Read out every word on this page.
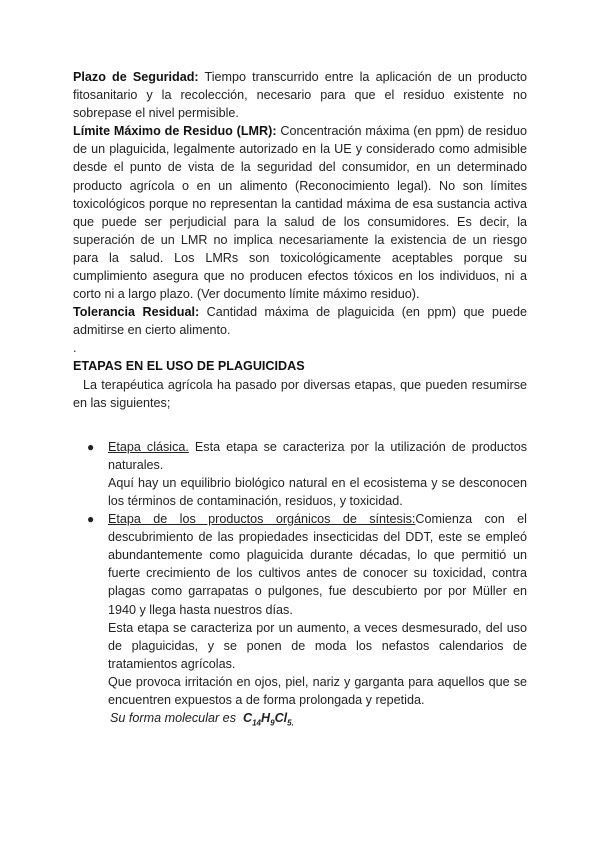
Plazo de Seguridad: Tiempo transcurrido entre la aplicación de un producto fitosanitario y la recolección, necesario para que el residuo existente no sobrepase el nivel permisible.

Límite Máximo de Residuo (LMR): Concentración máxima (en ppm) de residuo de un plaguicida, legalmente autorizado en la UE y considerado como admisible desde el punto de vista de la seguridad del consumidor, en un determinado producto agrícola o en un alimento (Reconocimiento legal). No son límites toxicológicos porque no representan la cantidad máxima de esa sustancia activa que puede ser perjudicial para la salud de los consumidores. Es decir, la superación de un LMR no implica necesariamente la existencia de un riesgo para la salud. Los LMRs son toxicológicamente aceptables porque su cumplimiento asegura que no producen efectos tóxicos en los individuos, ni a corto ni a largo plazo. (Ver documento límite máximo residuo).

Tolerancia Residual: Cantidad máxima de plaguicida (en ppm) que puede admitirse en cierto alimento.

.

ETAPAS EN EL USO DE PLAGUICIDAS

La terapéutica agrícola ha pasado por diversas etapas, que pueden resumirse en las siguientes;

● Etapa clásica. Esta etapa se caracteriza por la utilización de productos naturales.

Aquí hay un equilibrio biológico natural en el ecosistema y se desconocen los términos de contaminación, residuos, y toxicidad.

● Etapa de los productos orgánicos de síntesis:Comienza con el descubrimiento de las propiedades insecticidas del DDT, este se empleó abundantemente como plaguicida durante décadas, lo que permitió un fuerte crecimiento de los cultivos antes de conocer su toxicidad, contra plagas como garrapatas o pulgones, fue descubierto por por Müller en 1940 y llega hasta nuestros días.

Esta etapa se caracteriza por un aumento, a veces desmesurado, del uso de plaguicidas, y se ponen de moda los nefastos calendarios de tratamientos agrícolas.

Que provoca irritación en ojos, piel, nariz y garganta para aquellos que se encuentren expuestos a de forma prolongada y repetida.

Su forma molecular es $C_{14}H_9Cl_{5.}$
